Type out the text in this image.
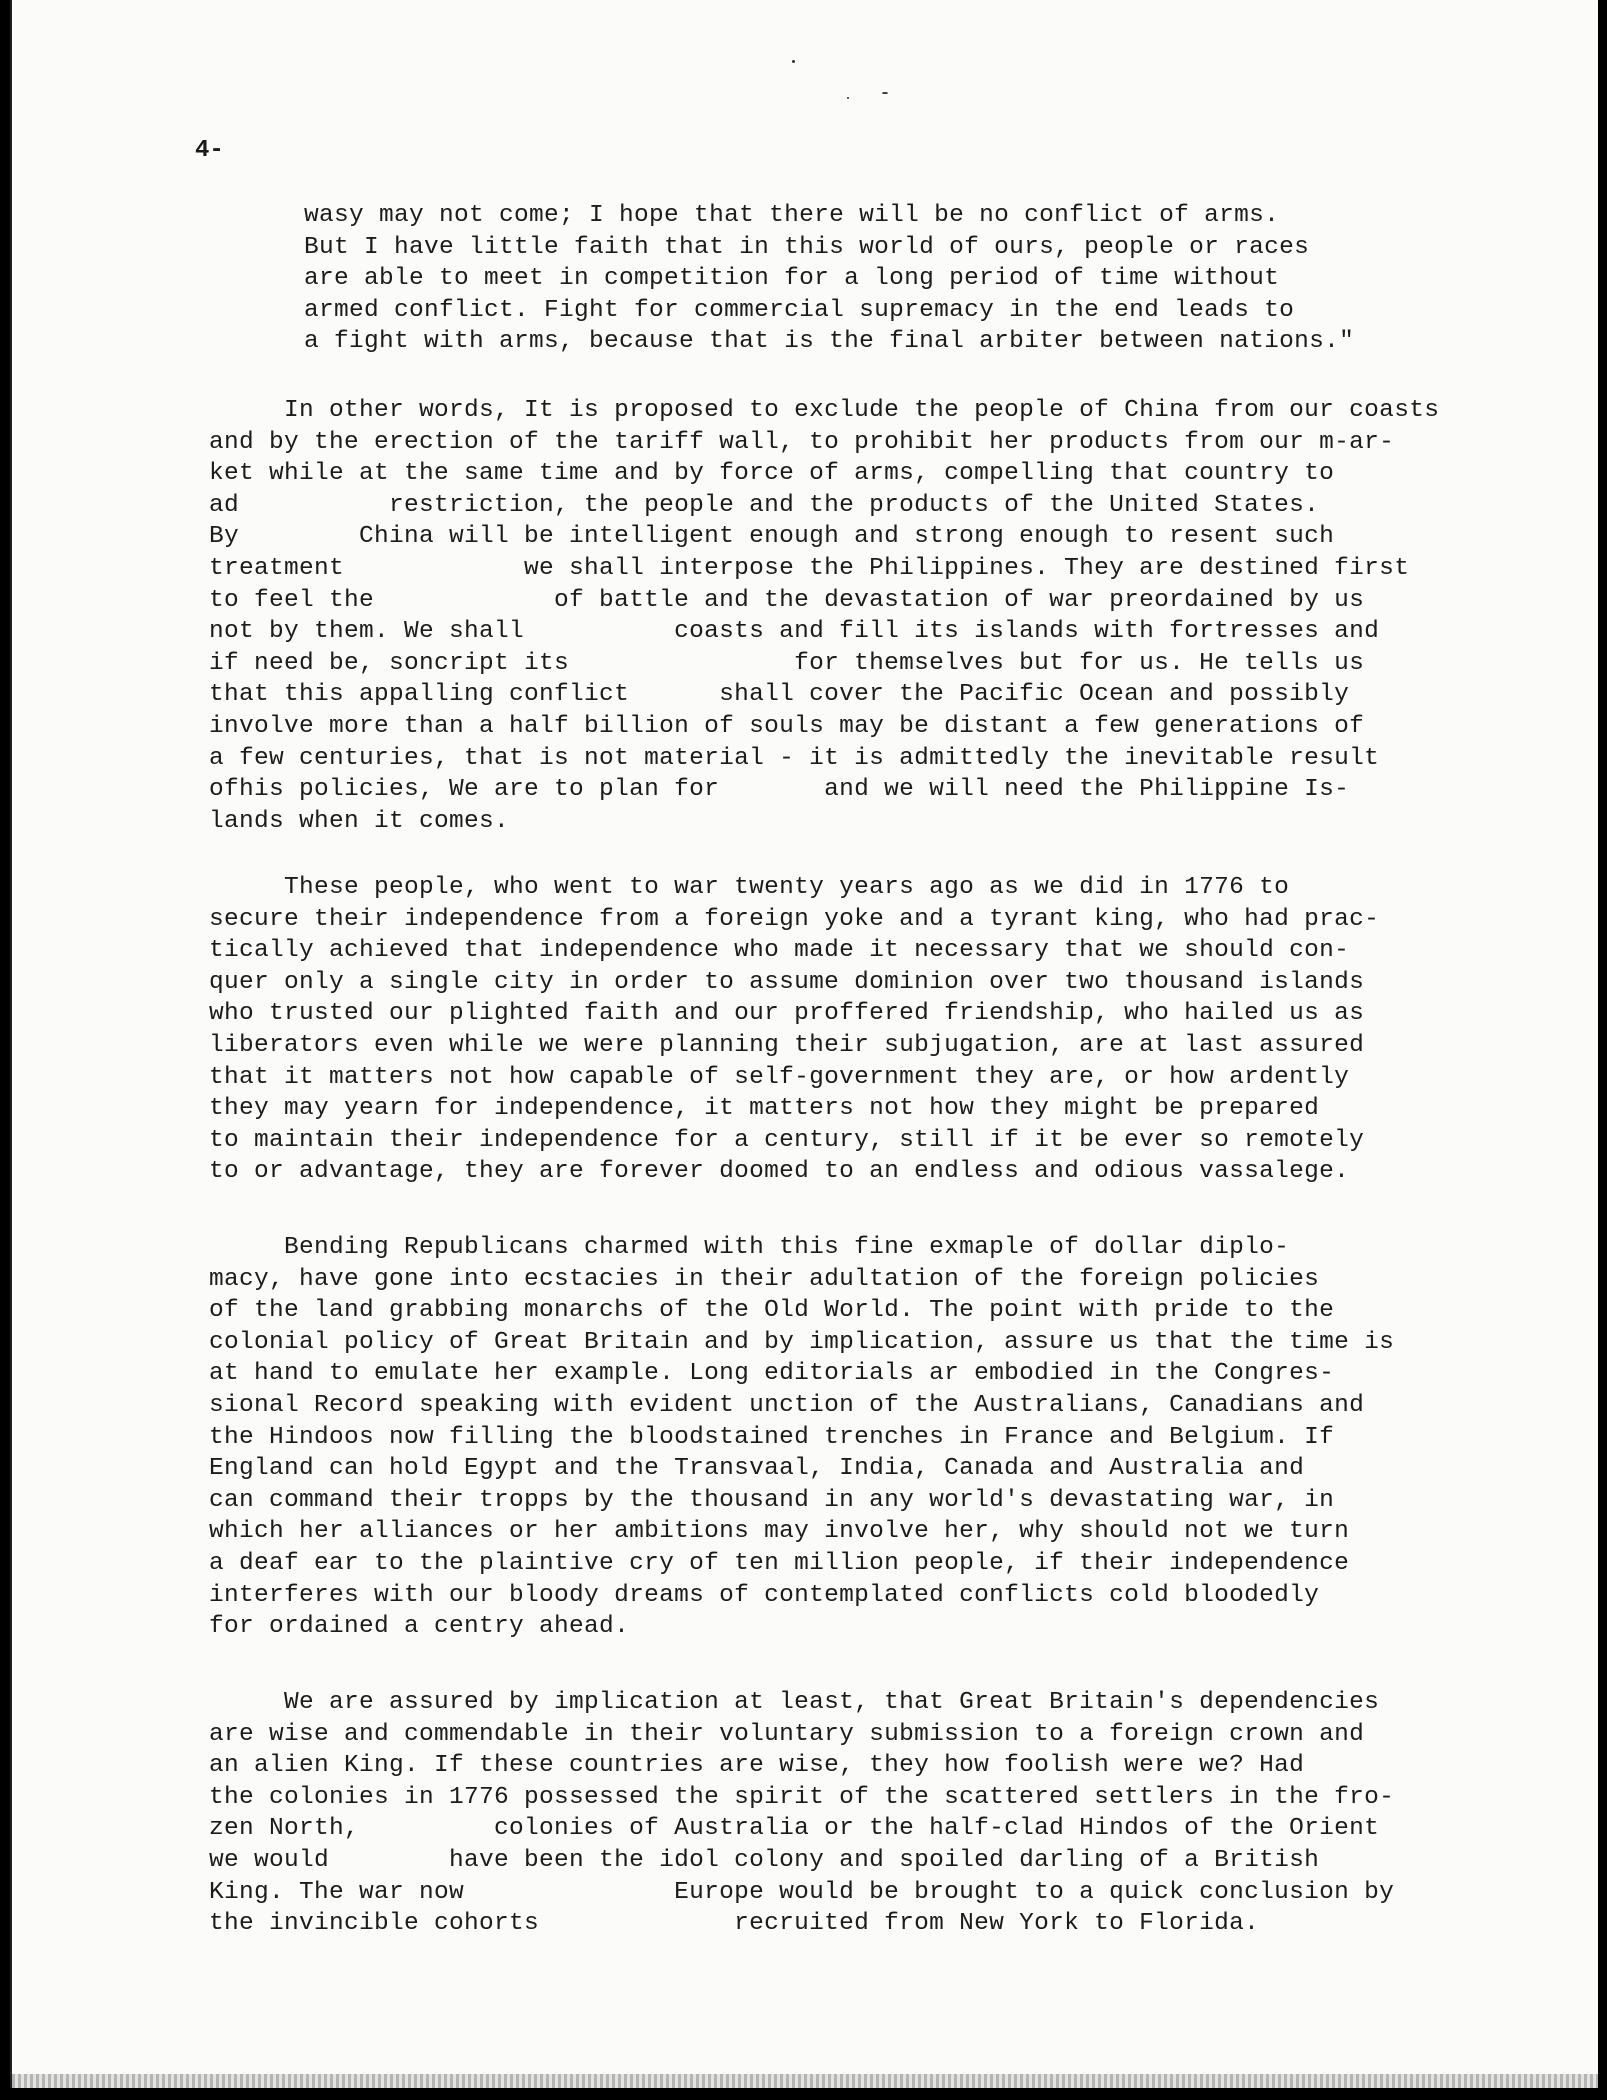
4-
wasy may not come; I hope that there will be no conflict of arms.
But I have little faith that in this world of ours, people or races
are able to meet in competition for a long period of time without
armed conflict. Fight for commercial supremacy in the end leads to
a fight with arms, because that is the final arbiter between nations."
In other words, It is proposed to exclude the people of China from our coasts
and by the erection of the tariff wall, to prohibit her products from our m-ar-
ket while at the same time and by force of arms, compelling that country to
ad          restriction, the people and the products of the United States.
By        China will be intelligent enough and strong enough to resent such
treatment            we shall interpose the Philippines. They are destined first
to feel the            of battle and the devastation of war preordained by us
not by them. We shall          coasts and fill its islands with fortresses and
if need be, soncript its               for themselves but for us. He tells us
that this appalling conflict      shall cover the Pacific Ocean and possibly
involve more than a half billion of souls may be distant a few generations of
a few centuries, that is not material - it is admittedly the inevitable result
ofhis policies, We are to plan for       and we will need the Philippine Is-
lands when it comes.
These people, who went to war twenty years ago as we did in 1776 to
secure their independence from a foreign yoke and a tyrant king, who had prac-
tically achieved that independence who made it necessary that we should con-
quer only a single city in order to assume dominion over two thousand islands
who trusted our plighted faith and our proffered friendship, who hailed us as
liberators even while we were planning their subjugation, are at last assured
that it matters not how capable of self-government they are, or how ardently
they may yearn for independence, it matters not how they might be prepared
to maintain their independence for a century, still if it be ever so remotely
to or advantage, they are forever doomed to an endless and odious vassalege.
Bending Republicans charmed with this fine exmaple of dollar diplo-
macy, have gone into ecstacies in their adultation of the foreign policies
of the land grabbing monarchs of the Old World. The point with pride to the
colonial policy of Great Britain and by implication, assure us that the time is
at hand to emulate her example. Long editorials ar embodied in the Congres-
sional Record speaking with evident unction of the Australians, Canadians and
the Hindoos now filling the bloodstained trenches in France and Belgium. If
England can hold Egypt and the Transvaal, India, Canada and Australia and
can command their tropps by the thousand in any world's devastating war, in
which her alliances or her ambitions may involve her, why should not we turn
a deaf ear to the plaintive cry of ten million people, if their independence
interferes with our bloody dreams of contemplated conflicts cold bloodedly
for ordained a centry ahead.
We are assured by implication at least, that Great Britain's dependencies
are wise and commendable in their voluntary submission to a foreign crown and
an alien King. If these countries are wise, they how foolish were we? Had
the colonies in 1776 possessed the spirit of the scattered settlers in the fro-
zen North,         colonies of Australia or the half-clad Hindos of the Orient
we would        have been the idol colony and spoiled darling of a British
King. The war now              Europe would be brought to a quick conclusion by
the invincible cohorts             recruited from New York to Florida.
